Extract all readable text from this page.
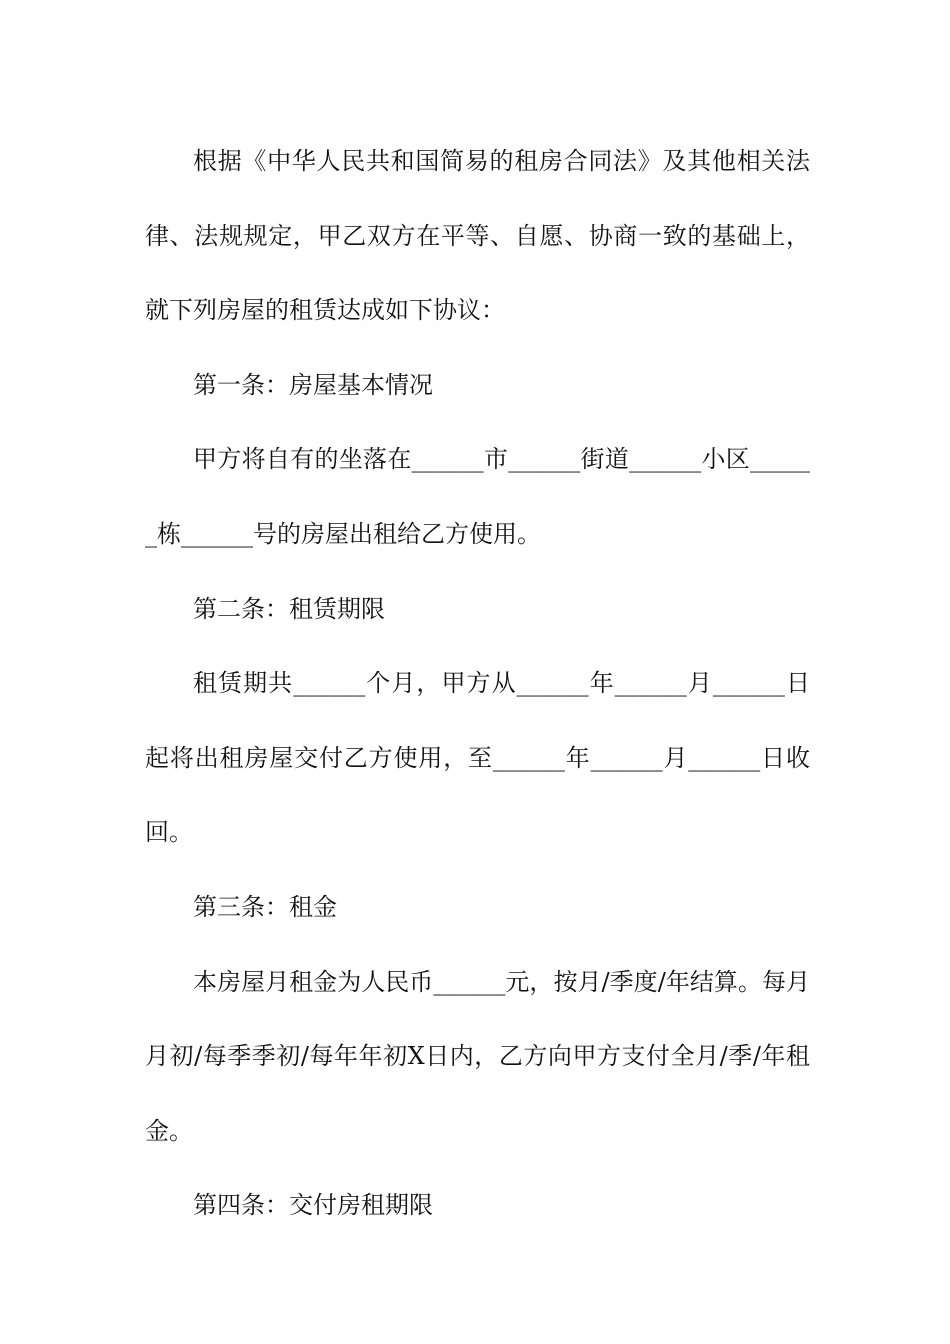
根据《中华人民共和国简易的租房合同法》及其他相关法律、法规规定，甲乙双方在平等、自愿、协商一致的基础上，就下列房屋的租赁达成如下协议：

第一条：房屋基本情况

甲方将自有的坐落在______市______街道______小区______栋______号的房屋出租给乙方使用。

第二条：租赁期限

租赁期共______个月，甲方从______年______月______日起将出租房屋交付乙方使用，至______年______月______日收回。

第三条：租金

本房屋月租金为人民币______元，按月/季度/年结算。每月月初/每季季初/每年年初X日内，乙方向甲方支付全月/季/年租金。

第四条：交付房租期限
